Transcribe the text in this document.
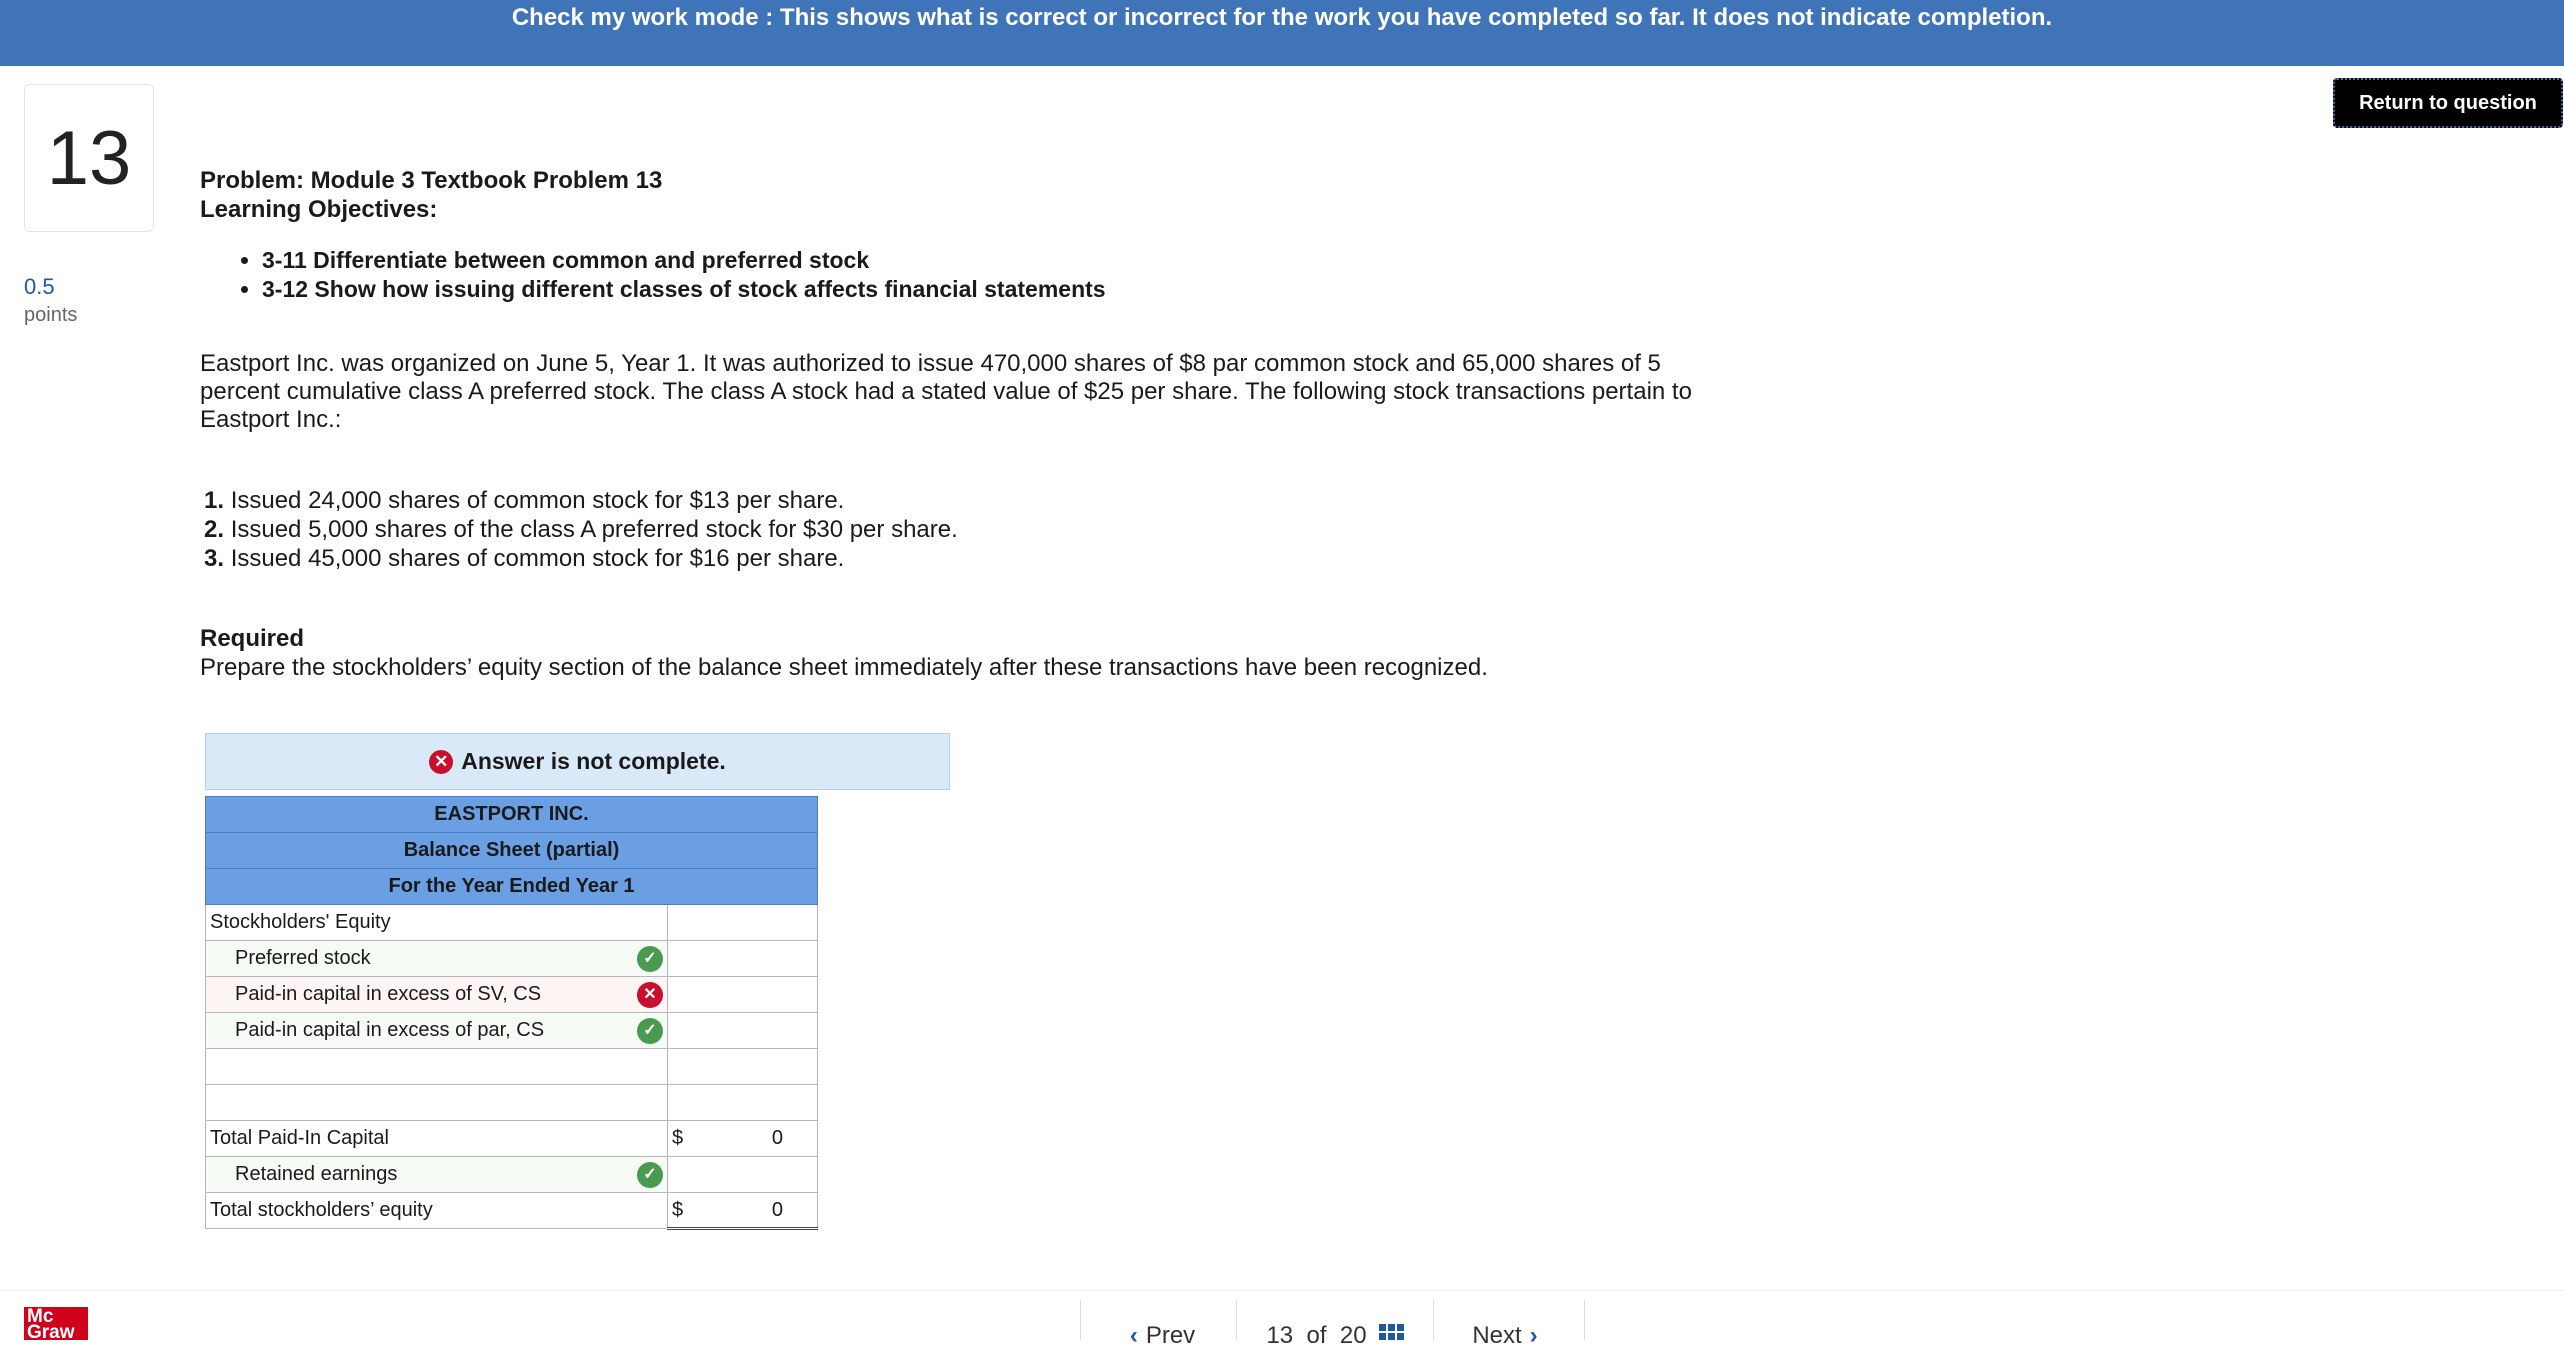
Check my work mode : This shows what is correct or incorrect for the work you have completed so far. It does not indicate completion.
13
0.5
points
Return to question
Problem: Module 3 Textbook Problem 13
Learning Objectives:
• 3-11 Differentiate between common and preferred stock
• 3-12 Show how issuing different classes of stock affects financial statements
Eastport Inc. was organized on June 5, Year 1. It was authorized to issue 470,000 shares of $8 par common stock and 65,000 shares of 5 percent cumulative class A preferred stock. The class A stock had a stated value of $25 per share. The following stock transactions pertain to Eastport Inc.:
1. Issued 24,000 shares of common stock for $13 per share.
2. Issued 5,000 shares of the class A preferred stock for $30 per share.
3. Issued 45,000 shares of common stock for $16 per share.
Required
Prepare the stockholders’ equity section of the balance sheet immediately after these transactions have been recognized.
✕ Answer is not complete.
EASTPORT INC.	
Balance Sheet (partial)	
For the Year Ended Year 1	
Stockholders' Equity	

Preferred stock ✓	

Paid-in capital in excess of SV, CS ✕	

Paid-in capital in excess of par, CS ✓	

Total Paid-In Capital	$ 0

Retained earnings ✓	

Total stockholders’ equity	$ 0
Mc Graw Hill	‹ Prev	13
of
20	Next ›
